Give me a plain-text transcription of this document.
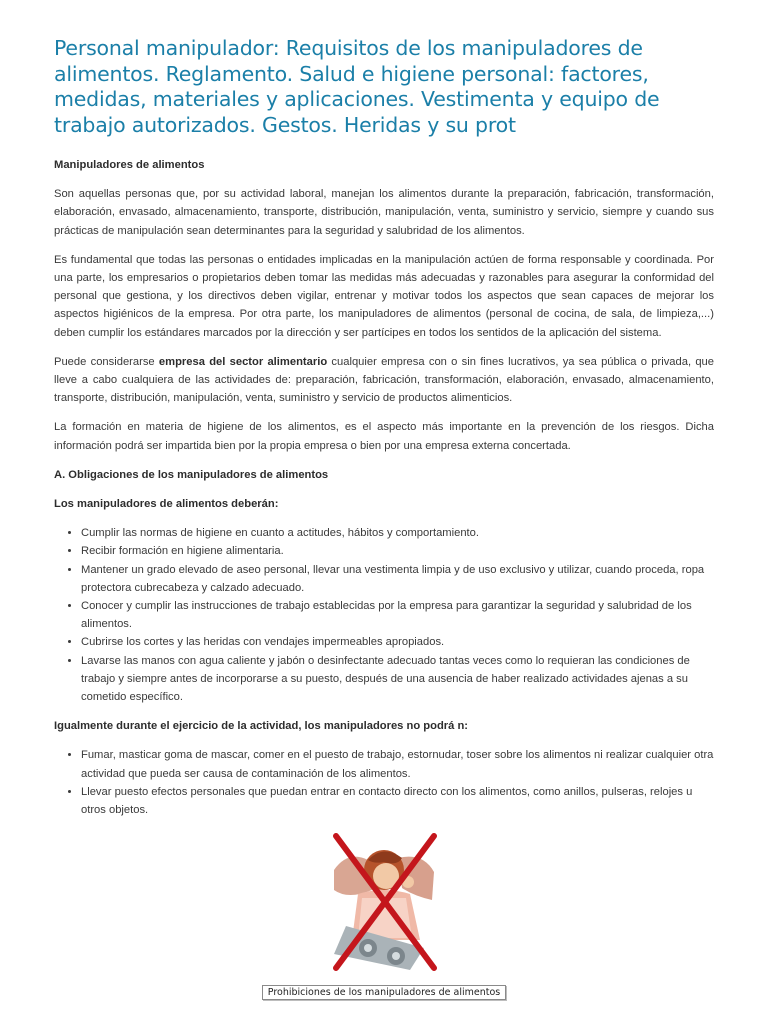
Personal manipulador: Requisitos de los manipuladores de alimentos. Reglamento. Salud e higiene personal: factores, medidas, materiales y aplicaciones. Vestimenta y equipo de trabajo autorizados. Gestos. Heridas y su prot

Manipuladores de alimentos

Son aquellas personas que, por su actividad laboral, manejan los alimentos durante la preparación, fabricación, transformación, elaboración, envasado, almacenamiento, transporte, distribución, manipulación, venta, suministro y servicio, siempre y cuando sus prácticas de manipulación sean determinantes para la seguridad y salubridad de los alimentos.

Es fundamental que todas las personas o entidades implicadas en la manipulación actúen de forma responsable y coordinada. Por una parte, los empresarios o propietarios deben tomar las medidas más adecuadas y razonables para asegurar la conformidad del personal que gestiona, y los directivos deben vigilar, entrenar y motivar todos los aspectos que sean capaces de mejorar los aspectos higiénicos de la empresa. Por otra parte, los manipuladores de alimentos (personal de cocina, de sala, de limpieza,...) deben cumplir los estándares marcados por la dirección y ser partícipes en todos los sentidos de la aplicación del sistema.

Puede considerarse empresa del sector alimentario cualquier empresa con o sin fines lucrativos, ya sea pública o privada, que lleve a cabo cualquiera de las actividades de: preparación, fabricación, transformación, elaboración, envasado, almacenamiento, transporte, distribución, manipulación, venta, suministro y servicio de productos alimenticios.

La formación en materia de higiene de los alimentos, es el aspecto más importante en la prevención de los riesgos. Dicha información podrá ser impartida bien por la propia empresa o bien por una empresa externa concertada.

A. Obligaciones de los manipuladores de alimentos

Los manipuladores de alimentos deberán:

• Cumplir las normas de higiene en cuanto a actitudes, hábitos y comportamiento.
• Recibir formación en higiene alimentaria.
• Mantener un grado elevado de aseo personal, llevar una vestimenta limpia y de uso exclusivo y utilizar, cuando proceda, ropa protectora cubrecabeza y calzado adecuado.
• Conocer y cumplir las instrucciones de trabajo establecidas por la empresa para garantizar la seguridad y salubridad de los alimentos.
• Cubrirse los cortes y las heridas con vendajes impermeables apropiados.
• Lavarse las manos con agua caliente y jabón o desinfectante adecuado tantas veces como lo requieran las condiciones de trabajo y siempre antes de incorporarse a su puesto, después de una ausencia de haber realizado actividades ajenas a su cometido específico.

Igualmente durante el ejercicio de la actividad, los manipuladores no podrá n:

• Fumar, masticar goma de mascar, comer en el puesto de trabajo, estornudar, toser sobre los alimentos ni realizar cualquier otra actividad que pueda ser causa de contaminación de los alimentos.
• Llevar puesto efectos personales que puedan entrar en contacto directo con los alimentos, como anillos, pulseras, relojes u otros objetos.

Prohibiciones de los manipuladores de alimentos
